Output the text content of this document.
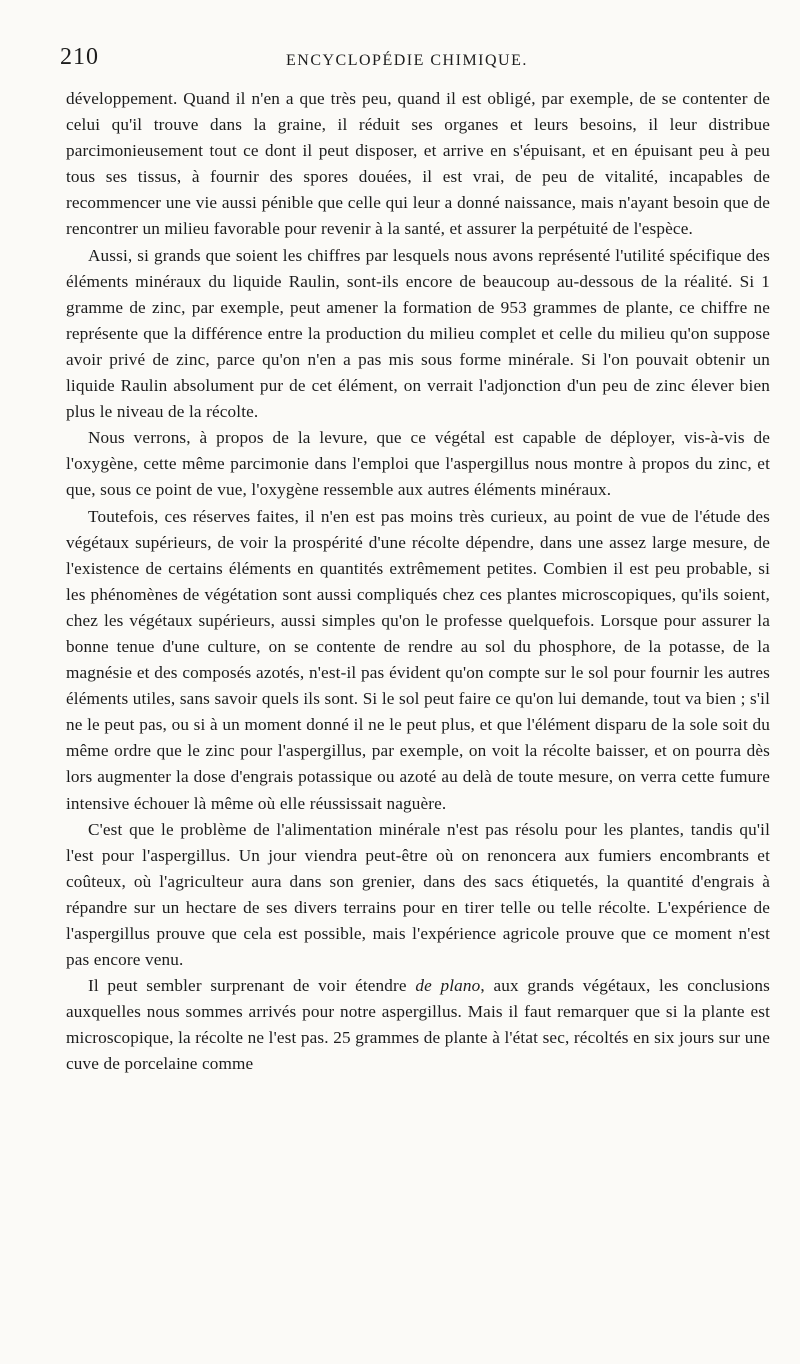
210	ENCYCLOPÉDIE CHIMIQUE.

développement. Quand il n'en a que très peu, quand il est obligé, par exemple, de se contenter de celui qu'il trouve dans la graine, il réduit ses organes et leurs besoins, il leur distribue parcimonieusement tout ce dont il peut disposer, et arrive en s'épuisant, et en épuisant peu à peu tous ses tissus, à fournir des spores douées, il est vrai, de peu de vitalité, incapables de recommencer une vie aussi pénible que celle qui leur a donné naissance, mais n'ayant besoin que de rencontrer un milieu favorable pour revenir à la santé, et assurer la perpétuité de l'espèce.

Aussi, si grands que soient les chiffres par lesquels nous avons représenté l'utilité spécifique des éléments minéraux du liquide Raulin, sont-ils encore de beaucoup au-dessous de la réalité. Si 1 gramme de zinc, par exemple, peut amener la formation de 953 grammes de plante, ce chiffre ne représente que la différence entre la production du milieu complet et celle du milieu qu'on suppose avoir privé de zinc, parce qu'on n'en a pas mis sous forme minérale. Si l'on pouvait obtenir un liquide Raulin absolument pur de cet élément, on verrait l'adjonction d'un peu de zinc élever bien plus le niveau de la récolte.

Nous verrons, à propos de la levure, que ce végétal est capable de déployer, vis-à-vis de l'oxygène, cette même parcimonie dans l'emploi que l'aspergillus nous montre à propos du zinc, et que, sous ce point de vue, l'oxygène ressemble aux autres éléments minéraux.

Toutefois, ces réserves faites, il n'en est pas moins très curieux, au point de vue de l'étude des végétaux supérieurs, de voir la prospérité d'une récolte dépendre, dans une assez large mesure, de l'existence de certains éléments en quantités extrêmement petites. Combien il est peu probable, si les phénomènes de végétation sont aussi compliqués chez ces plantes microscopiques, qu'ils soient, chez les végétaux supérieurs, aussi simples qu'on le professe quelquefois. Lorsque pour assurer la bonne tenue d'une culture, on se contente de rendre au sol du phosphore, de la potasse, de la magnésie et des composés azotés, n'est-il pas évident qu'on compte sur le sol pour fournir les autres éléments utiles, sans savoir quels ils sont. Si le sol peut faire ce qu'on lui demande, tout va bien ; s'il ne le peut pas, ou si à un moment donné il ne le peut plus, et que l'élément disparu de la sole soit du même ordre que le zinc pour l'aspergillus, par exemple, on voit la récolte baisser, et on pourra dès lors augmenter la dose d'engrais potassique ou azoté au delà de toute mesure, on verra cette fumure intensive échouer là même où elle réussissait naguère.

C'est que le problème de l'alimentation minérale n'est pas résolu pour les plantes, tandis qu'il l'est pour l'aspergillus. Un jour viendra peut-être où on renoncera aux fumiers encombrants et coûteux, où l'agriculteur aura dans son grenier, dans des sacs étiquetés, la quantité d'engrais à répandre sur un hectare de ses divers terrains pour en tirer telle ou telle récolte. L'expérience de l'aspergillus prouve que cela est possible, mais l'expérience agricole prouve que ce moment n'est pas encore venu.

Il peut sembler surprenant de voir étendre de plano, aux grands végétaux, les conclusions auxquelles nous sommes arrivés pour notre aspergillus. Mais il faut remarquer que si la plante est microscopique, la récolte ne l'est pas. 25 grammes de plante à l'état sec, récoltés en six jours sur une cuve de porcelaine comme
